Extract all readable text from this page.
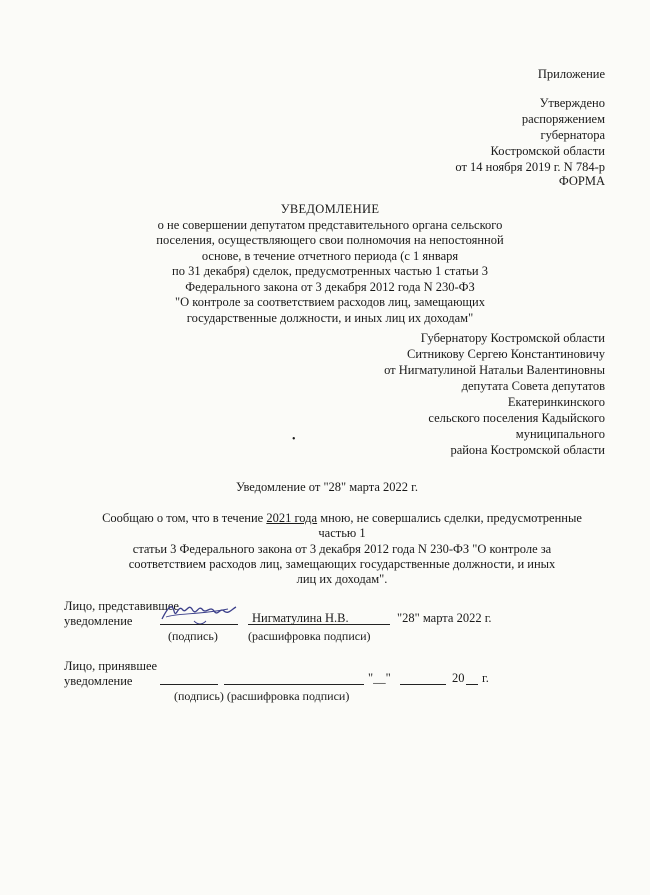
Приложение
Утверждено
распоряжением
губернатора
Костромской области
от 14 ноября 2019 г. N 784-р
ФОРМА
УВЕДОМЛЕНИЕ
о не совершении депутатом представительного органа сельского
поселения, осуществляющего свои полномочия на непостоянной
основе, в течение отчетного периода (с 1 января
по 31 декабря) сделок, предусмотренных частью 1 статьи 3
Федерального закона от 3 декабря 2012 года N 230-ФЗ
"О контроле за соответствием расходов лиц, замещающих
государственные должности, и иных лиц их доходам"
Губернатору Костромской области
Ситникову Сергею Константиновичу
от Нигматулиной Натальи Валентиновны
депутата Совета депутатов
Екатеринкинского
сельского поселения Кадыйского
муниципального
района Костромской области
•
Уведомление от "28" марта 2022 г.
Сообщаю о том, что в течение 2021 года мною, не совершались сделки, предусмотренные
частью 1
статьи 3 Федерального закона от 3 декабря 2012 года N 230-ФЗ "О контроле за
соответствием расходов лиц, замещающих государственные должности, и иных
лиц их доходам".
Лицо, представившее
уведомление	Нигматулина Н.В.	"28" марта 2022 г.
(подпись)	(расшифровка подписи)
Лицо, принявшее
уведомление	"__"	20 г.
(подпись) (расшифровка подписи)
